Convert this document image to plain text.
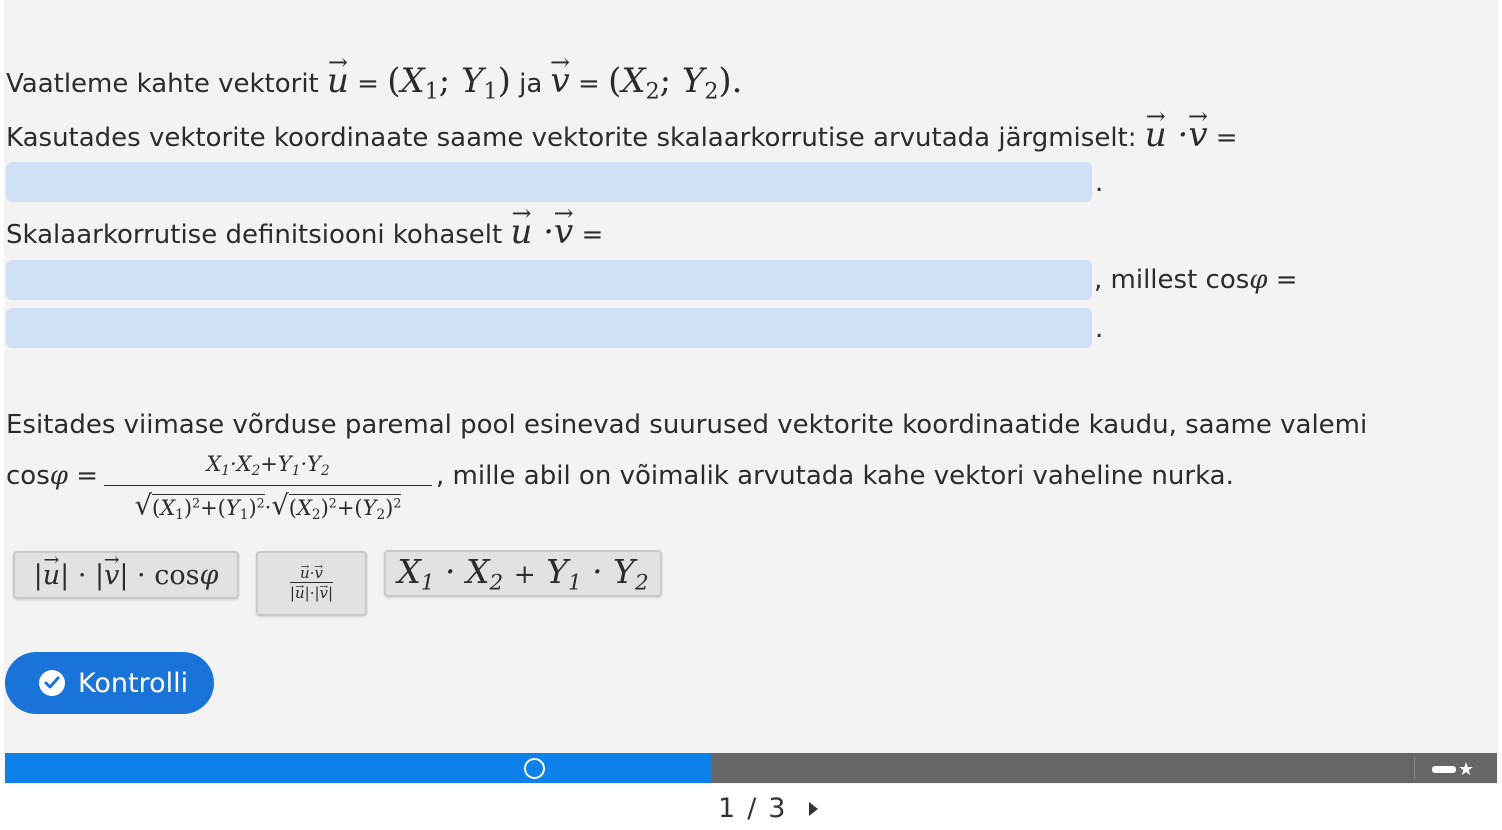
Vaatleme kahte vektorit → $u = (X_1$; $Y_1$) ja → $v = (X_2$; $Y_2$).
Kasutades vektorite koordinaate saame vektorite skalaarkorrutise arvutada järgmiselt: → u ·→ v =
.
Skalaarkorrutise definitsiooni kohaselt → u ·→ v =
, millest cosφ =
.
Esitades viimase võrduse paremal pool esinevad suurused vektorite koordinaatide kaudu, saame valemi
$\cos\varphi = \frac{X_1\cdot X_2+Y_1\cdot Y_2}{√(X_1)^2+(Y_1)^2\cdot√(X_2)^2+(Y_2)^2}$ , mille abil on võimalik arvutada kahe vektori vaheline nurka.
|→ u| · |→ v| · cosφ	→ $\frac{u\cdot\to v}{|\to u|\cdot|\to v|} X_1 \cdot X_2 + Y_1 \cdot Y_2$
Kontrolli
★
1 / 3
